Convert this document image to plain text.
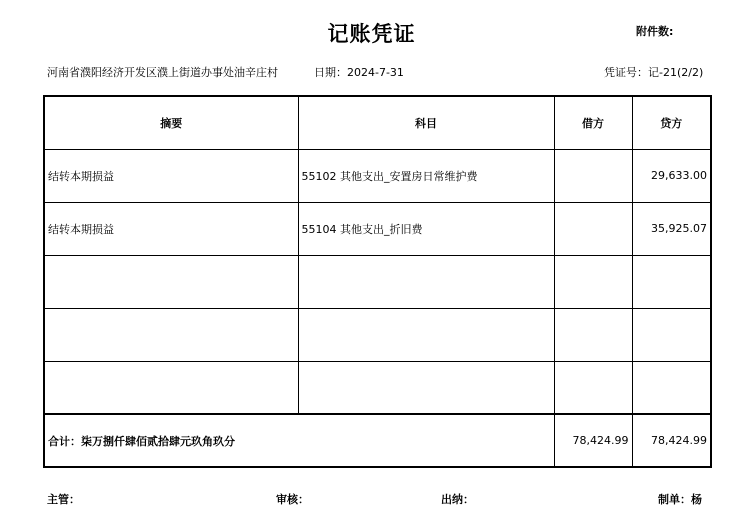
记账凭证	附件数:
河南省濮阳经济开发区濮上街道办事处油辛庄村	日期：2024-7-31	凭证号：记-21(2/2)
摘要	科目	借方	贷方
结转本期损益	55102 其他支出_安置房日常维护费		29,633.00
结转本期损益	55104 其他支出_折旧费		35,925.07

合计：柒万捌仟肆佰贰拾肆元玖角玖分		78,424.99	78,424.99
主管：	审核：	出纳：	制单：杨
